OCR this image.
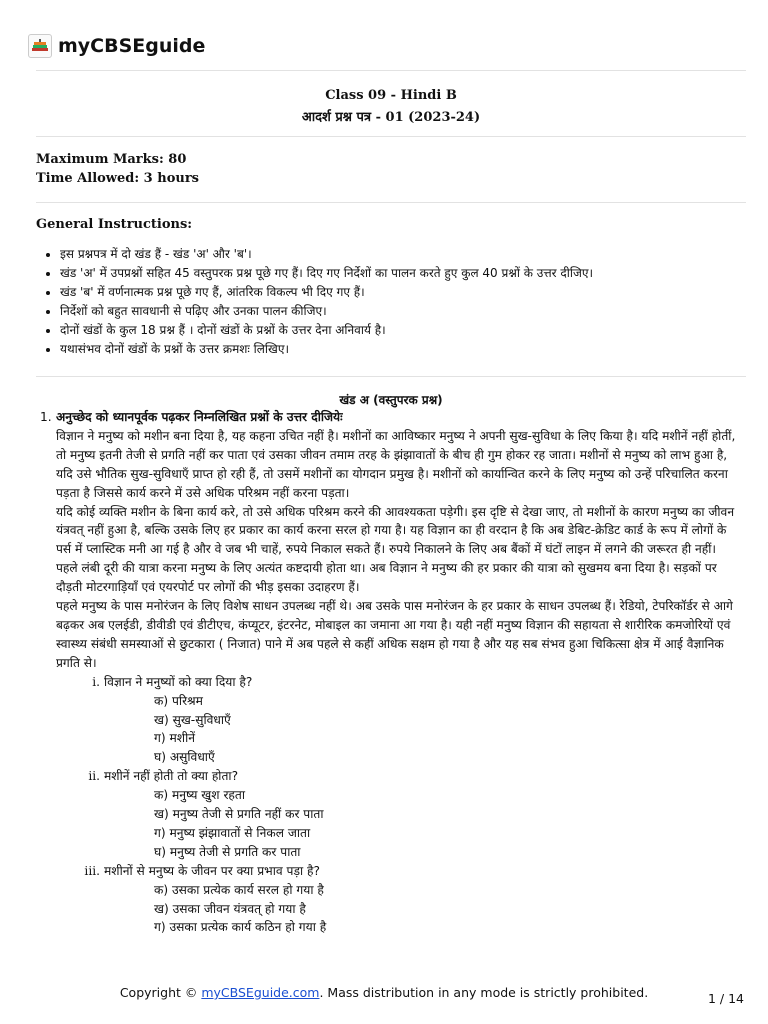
myCBSEguide
Class 09 - Hindi B
आदर्श प्रश्न पत्र - 01 (2023-24)
Maximum Marks: 80
Time Allowed: 3 hours
General Instructions:
• इस प्रश्नपत्र में दो खंड हैं - खंड 'अ' और 'ब'।
• खंड 'अ' में उपप्रश्नों सहित 45 वस्तुपरक प्रश्न पूछे गए हैं। दिए गए निर्देशों का पालन करते हुए कुल 40 प्रश्नों के उत्तर दीजिए।
• खंड 'ब' में वर्णनात्मक प्रश्न पूछे गए हैं, आंतरिक विकल्प भी दिए गए हैं।
• निर्देशों को बहुत सावधानी से पढ़िए और उनका पालन कीजिए।
• दोनों खंडों के कुल 18 प्रश्न हैं । दोनों खंडों के प्रश्नों के उत्तर देना अनिवार्य है।
• यथासंभव दोनों खंडों के प्रश्नों के उत्तर क्रमशः लिखिए।
खंड अ (वस्तुपरक प्रश्न)
1. अनुच्छेद को ध्यानपूर्वक पढ़कर निम्नलिखित प्रश्नों के उत्तर दीजियेः

विज्ञान ने मनुष्य को मशीन बना दिया है, यह कहना उचित नहीं है। मशीनों का आविष्कार मनुष्य ने अपनी सुख-सुविधा के लिए किया है। यदि मशीनें नहीं होतीं, तो मनुष्य इतनी तेजी से प्रगति नहीं कर पाता एवं उसका जीवन तमाम तरह के झंझावातों के बीच ही गुम होकर रह जाता। मशीनों से मनुष्य को लाभ हुआ है, यदि उसे भौतिक सुख-सुविधाएँ प्राप्त हो रही हैं, तो उसमें मशीनों का योगदान प्रमुख है। मशीनों को कार्यान्वित करने के लिए मनुष्य को उन्हें परिचालित करना पड़ता है जिससे कार्य करने में उसे अधिक परिश्रम नहीं करना पड़ता।

यदि कोई व्यक्ति मशीन के बिना कार्य करे, तो उसे अधिक परिश्रम करने की आवश्यकता पड़ेगी। इस दृष्टि से देखा जाए, तो मशीनों के कारण मनुष्य का जीवन यंत्रवत् नहीं हुआ है, बल्कि उसके लिए हर प्रकार का कार्य करना सरल हो गया है। यह विज्ञान का ही वरदान है कि अब डेबिट-क्रेडिट कार्ड के रूप में लोगों के पर्स में प्लास्टिक मनी आ गई है और वे जब भी चाहें, रुपये निकाल सकते हैं। रुपये निकालने के लिए अब बैंकों में घंटों लाइन में लगने की जरूरत ही नहीं।

पहले लंबी दूरी की यात्रा करना मनुष्य के लिए अत्यंत कष्टदायी होता था। अब विज्ञान ने मनुष्य की हर प्रकार की यात्रा को सुखमय बना दिया है। सड़कों पर दौड़ती मोटरगाड़ियाँ एवं एयरपोर्ट पर लोगों की भीड़ इसका उदाहरण हैं।

पहले मनुष्य के पास मनोरंजन के लिए विशेष साधन उपलब्ध नहीं थे। अब उसके पास मनोरंजन के हर प्रकार के साधन उपलब्ध हैं। रेडियो, टेपरिकॉर्डर से आगे बढ़कर अब एलईडी, डीवीडी एवं डीटीएच, कंप्यूटर, इंटरनेट, मोबाइल का जमाना आ गया है। यही नहीं मनुष्य विज्ञान की सहायता से शारीरिक कमजोरियों एवं स्वास्थ्य संबंधी समस्याओं से छुटकारा ( निजात) पाने में अब पहले से कहीं अधिक सक्षम हो गया है और यह सब संभव हुआ चिकित्सा क्षेत्र में आई वैज्ञानिक प्रगति से।

i. विज्ञान ने मनुष्यों को क्या दिया है?
क) परिश्रम
ख) सुख-सुविधाएँ
ग) मशीनें
घ) असुविधाएँ
ii. मशीनें नहीं होती तो क्या होता?
क) मनुष्य खुश रहता
ख) मनुष्य तेजी से प्रगति नहीं कर पाता
ग) मनुष्य झंझावातों से निकल जाता
घ) मनुष्य तेजी से प्रगति कर पाता
iii. मशीनों से मनुष्य के जीवन पर क्या प्रभाव पड़ा है?
क) उसका प्रत्येक कार्य सरल हो गया है
ख) उसका जीवन यंत्रवत् हो गया है
ग) उसका प्रत्येक कार्य कठिन हो गया है
Copyright © myCBSEguide.com. Mass distribution in any mode is strictly prohibited.	1 / 14
